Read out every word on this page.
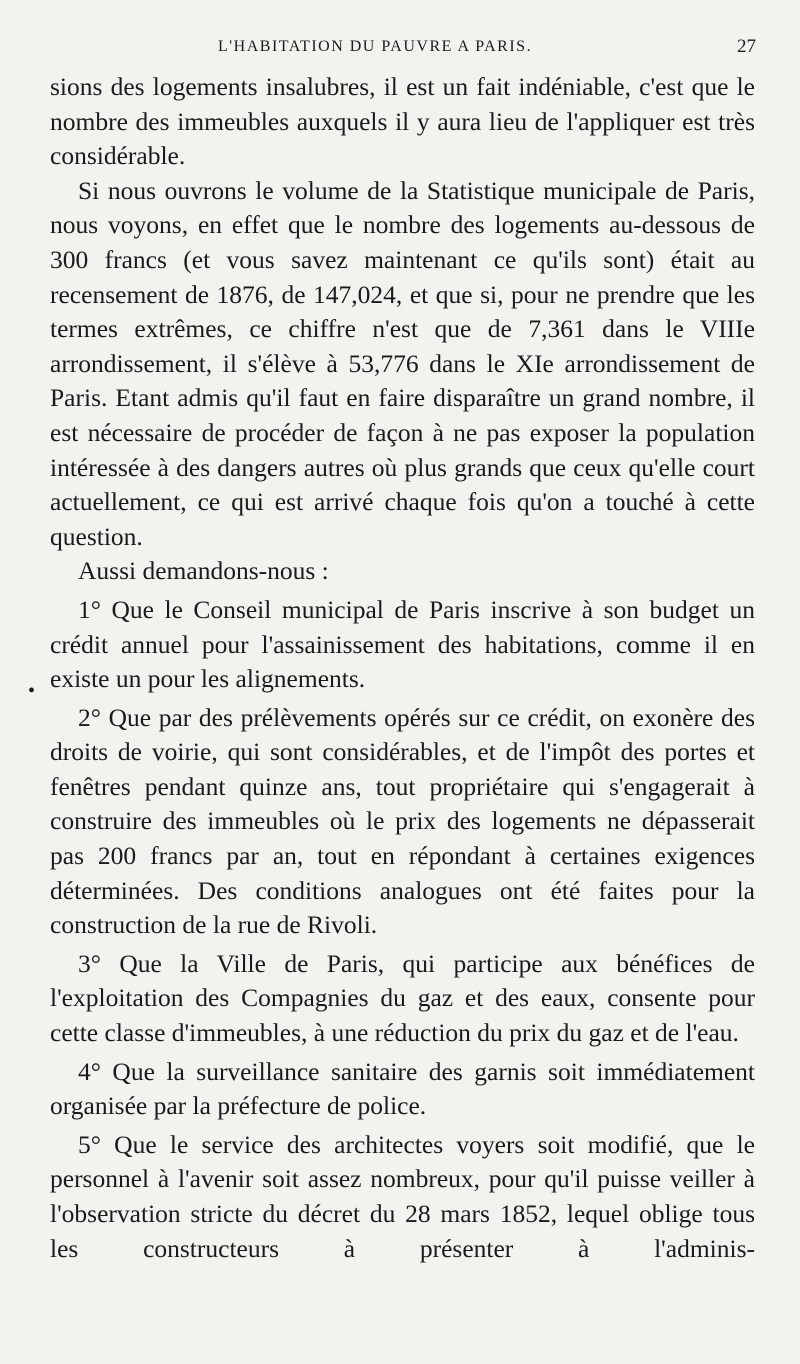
L'HABITATION DU PAUVRE A PARIS.	27
•

sions des logements insalubres, il est un fait indéniable, c'est que le nombre des immeubles auxquels il y aura lieu de l'appliquer est très considérable.

Si nous ouvrons le volume de la Statistique municipale de Paris, nous voyons, en effet que le nombre des logements au-dessous de 300 francs (et vous savez maintenant ce qu'ils sont) était au recensement de 1876, de 147,024, et que si, pour ne prendre que les termes extrêmes, ce chiffre n'est que de 7,361 dans le VIIIe arrondissement, il s'élève à 53,776 dans le XIe arrondissement de Paris. Etant admis qu'il faut en faire disparaître un grand nombre, il est nécessaire de procéder de façon à ne pas exposer la population intéressée à des dangers autres où plus grands que ceux qu'elle court actuellement, ce qui est arrivé chaque fois qu'on a touché à cette question.

Aussi demandons-nous :

1° Que le Conseil municipal de Paris inscrive à son budget un crédit annuel pour l'assainissement des habitations, comme il en existe un pour les alignements.

2° Que par des prélèvements opérés sur ce crédit, on exonère des droits de voirie, qui sont considérables, et de l'impôt des portes et fenêtres pendant quinze ans, tout propriétaire qui s'engagerait à construire des immeubles où le prix des logements ne dépasserait pas 200 francs par an, tout en répondant à certaines exigences déterminées. Des conditions analogues ont été faites pour la construction de la rue de Rivoli.

3° Que la Ville de Paris, qui participe aux bénéfices de l'exploitation des Compagnies du gaz et des eaux, consente pour cette classe d'immeubles, à une réduction du prix du gaz et de l'eau.

4° Que la surveillance sanitaire des garnis soit immédiatement organisée par la préfecture de police.

5° Que le service des architectes voyers soit modifié, que le personnel à l'avenir soit assez nombreux, pour qu'il puisse veiller à l'observation stricte du décret du 28 mars 1852, lequel oblige tous les constructeurs à présenter à l'adminis-
